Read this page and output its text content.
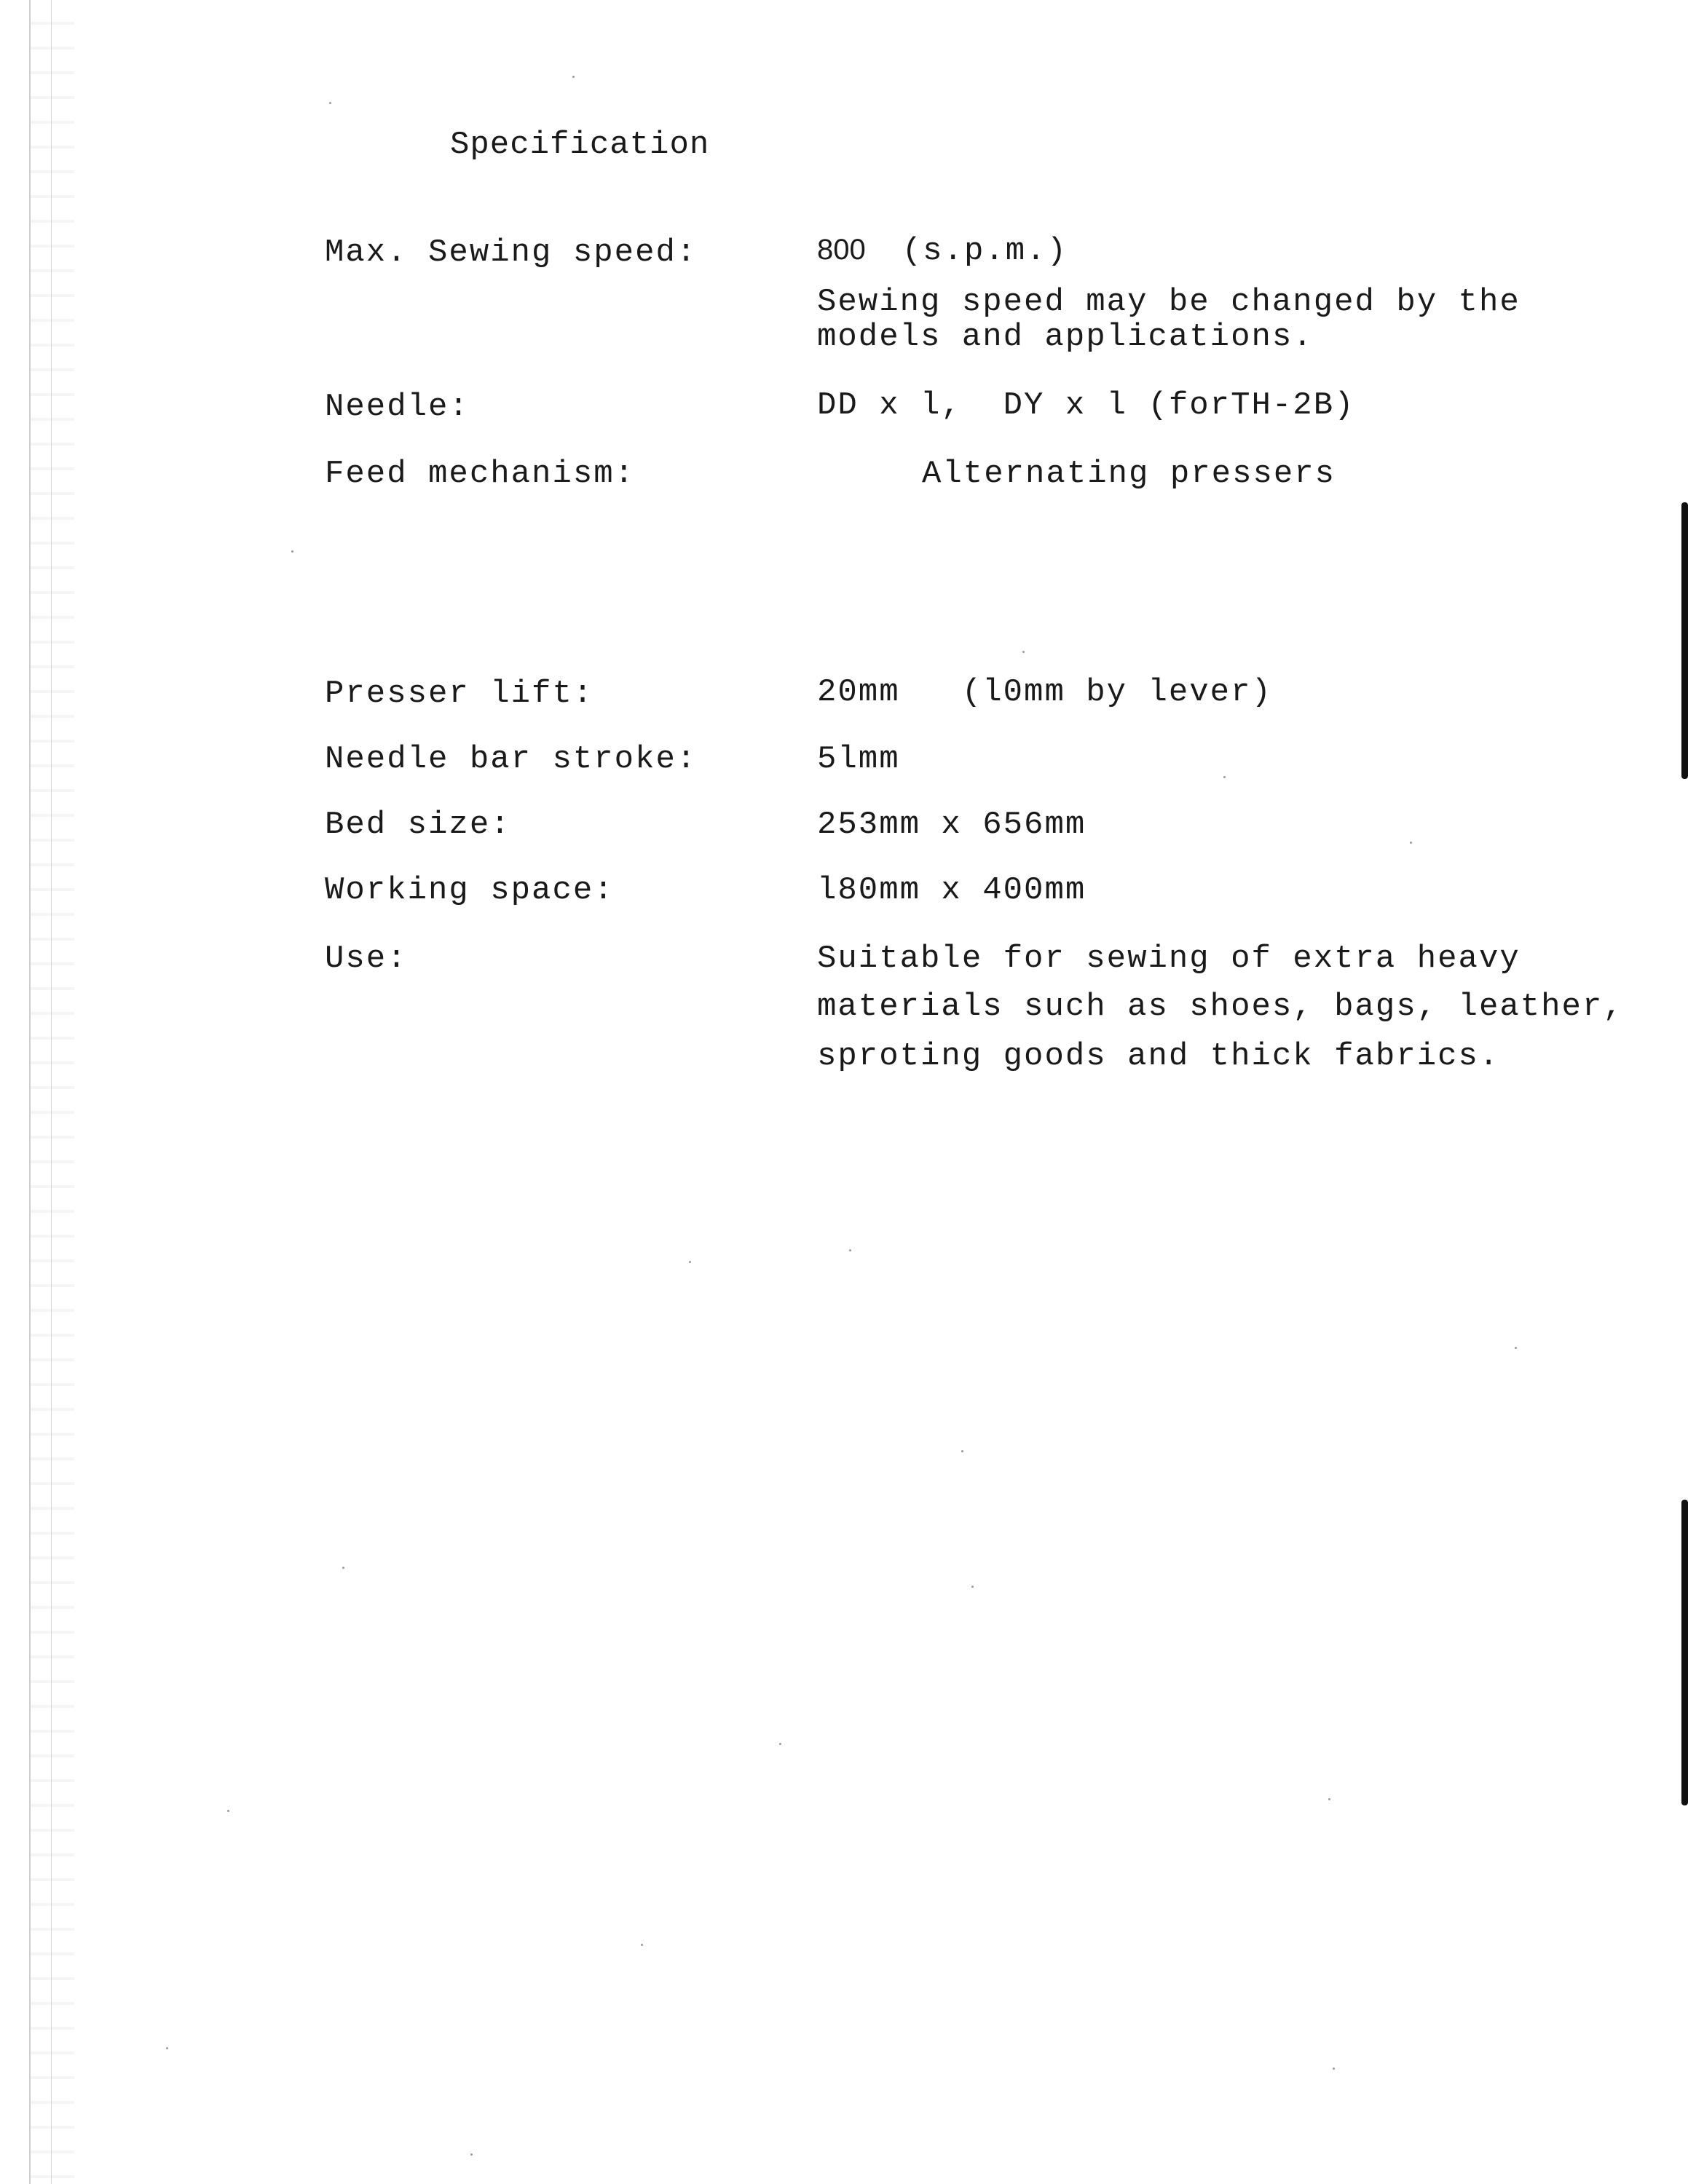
Specification
Max. Sewing speed:	800 (s.p.m.)
Sewing speed may be changed by the
models and applications.
Needle:	DD x l,  DY x l (forTH-2B)
Feed mechanism:	Alternating pressers
Presser lift:	20mm   (l0mm by lever)
Needle bar stroke:	5lmm
Bed size:	253mm x 656mm
Working space:	l80mm x 400mm
Use:	Suitable for sewing of extra heavy
materials such as shoes, bags, leather,
sproting goods and thick fabrics.
